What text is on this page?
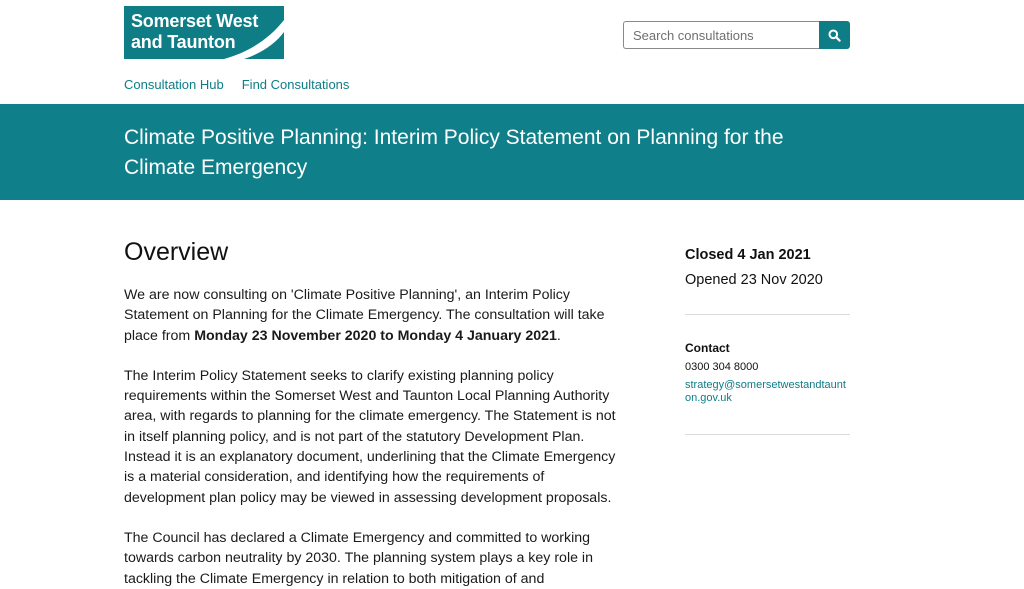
Somerset West
and Taunton
Search consultations
Consultation Hub Find Consultations
Climate Positive Planning: Interim Policy Statement on Planning for the Climate Emergency
Overview

We are now consulting on 'Climate Positive Planning', an Interim Policy Statement on Planning for the Climate Emergency. The consultation will take place from Monday 23 November 2020 to Monday 4 January 2021.

The Interim Policy Statement seeks to clarify existing planning policy requirements within the Somerset West and Taunton Local Planning Authority area, with regards to planning for the climate emergency. The Statement is not in itself planning policy, and is not part of the statutory Development Plan. Instead it is an explanatory document, underlining that the Climate Emergency is a material consideration, and identifying how the requirements of development plan policy may be viewed in assessing development proposals.

The Council has declared a Climate Emergency and committed to working towards carbon neutrality by 2030. The planning system plays a key role in tackling the Climate Emergency in relation to both mitigation of and

Closed 4 Jan 2021
Opened 23 Nov 2020
Contact
0300 304 8000
strategy@somersetwestandtaunton.gov.uk
